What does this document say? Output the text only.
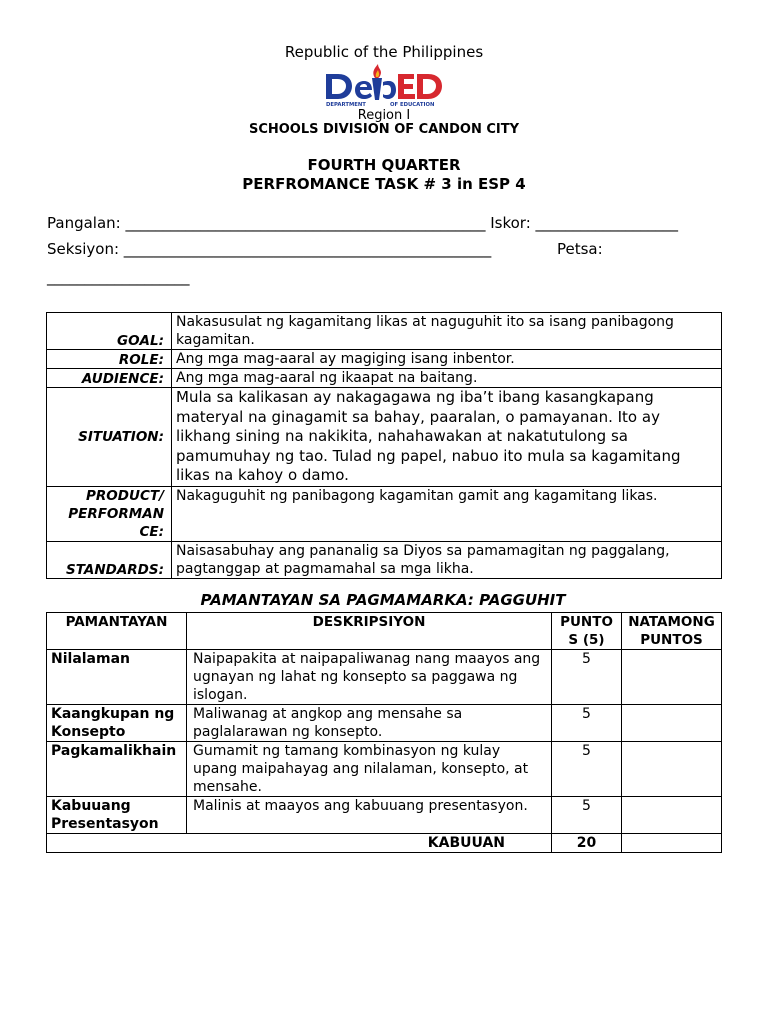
Republic of the Philippines
DEPARTMENT	OF EDUCATION
Region I
SCHOOLS DIVISION OF CANDON CITY
FOURTH QUARTER
PERFROMANCE TASK # 3 in ESP 4
Pangalan: ________________________________________________ Iskor: ___________________
Seksiyon: _________________________________________________	Petsa:
___________________
GOAL:	Nakasusulat ng kagamitang likas at naguguhit ito sa isang panibagong kagamitan.
ROLE:	Ang mga mag-aaral ay magiging isang inbentor.
AUDIENCE:	Ang mga mag-aaral ng ikaapat na baitang.
SITUATION:	Mula sa kalikasan ay nakagagawa ng iba’t ibang kasangkapang materyal na ginagamit sa bahay, paaralan, o pamayanan. Ito ay likhang sining na nakikita, nahahawakan at nakatutulong sa pamumuhay ng tao. Tulad ng papel, nabuo ito mula sa kagamitang likas na kahoy o damo.
PRODUCT/ PERFORMAN CE:	Nakaguguhit ng panibagong kagamitan gamit ang kagamitang likas.
STANDARDS:	Naisasabuhay ang pananalig sa Diyos sa pamamagitan ng paggalang, pagtanggap at pagmamahal sa mga likha.
PAMANTAYAN SA PAGMAMARKA: PAGGUHIT
PAMANTAYAN	DESKRIPSIYON	PUNTOS (5)	NATAMONG PUNTOS
Nilalaman	Naipapakita at naipapaliwanag nang maayos ang ugnayan ng lahat ng konsepto sa paggawa ng islogan.	5	
Kaangkupan ng Konsepto	Maliwanag at angkop ang mensahe sa paglalarawan ng konsepto.	5	
Pagkamalikhain	Gumamit ng tamang kombinasyon ng kulay upang maipahayag ang nilalaman, konsepto, at mensahe.	5	
Kabuuang Presentasyon	Malinis at maayos ang kabuuang presentasyon.	5	
KABUUAN		20	
